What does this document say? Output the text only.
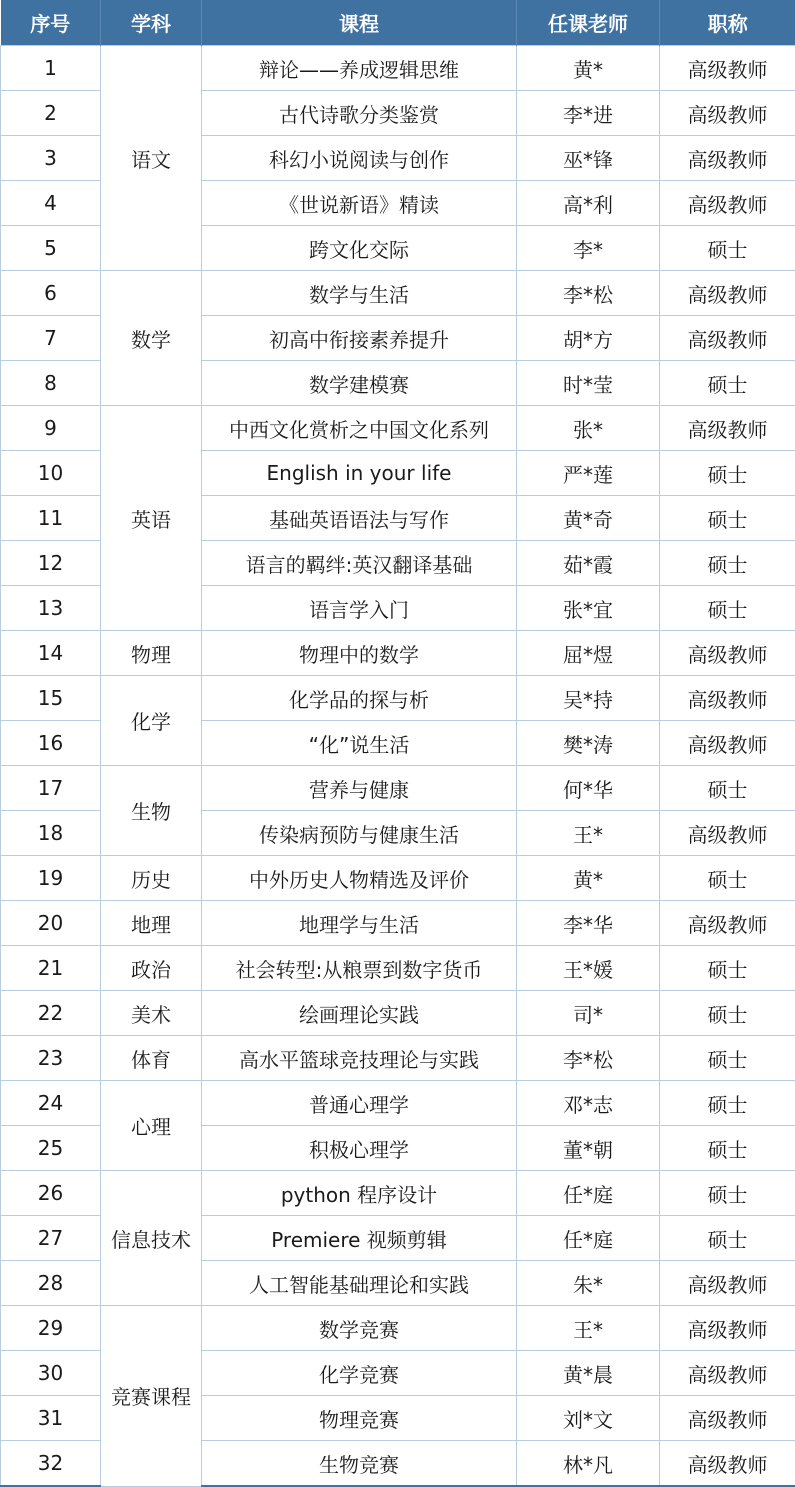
序号	学科	课程	任课老师	职称
1	语文	辩论——养成逻辑思维	黄*	高级教师
2		古代诗歌分类鉴赏	李*进	高级教师
3		科幻小说阅读与创作	巫*锋	高级教师
4		《世说新语》精读	高*利	高级教师
5		跨文化交际	李*	硕士
6	数学	数学与生活	李*松	高级教师
7		初高中衔接素养提升	胡*方	高级教师
8		数学建模赛	时*莹	硕士
9	英语	中西文化赏析之中国文化系列	张*	高级教师
10		English in your life	严*莲	硕士
11		基础英语语法与写作	黄*奇	硕士
12		语言的羁绊:英汉翻译基础	茹*霞	硕士
13		语言学入门	张*宜	硕士
14	物理	物理中的数学	屈*煜	高级教师
15	化学	化学品的探与析	吴*持	高级教师
16		“化”说生活	樊*涛	高级教师
17	生物	营养与健康	何*华	硕士
18		传染病预防与健康生活	王*	高级教师
19	历史	中外历史人物精选及评价	黄*	硕士
20	地理	地理学与生活	李*华	高级教师
21	政治	社会转型:从粮票到数字货币	王*媛	硕士
22	美术	绘画理论实践	司*	硕士
23	体育	高水平篮球竞技理论与实践	李*松	硕士
24	心理	普通心理学	邓*志	硕士
25		积极心理学	董*朝	硕士
26	信息技术	python 程序设计	任*庭	硕士
27		Premiere 视频剪辑	任*庭	硕士
28		人工智能基础理论和实践	朱*	高级教师
29	竞赛课程	数学竞赛	王*	高级教师
30		化学竞赛	黄*晨	高级教师
31		物理竞赛	刘*文	高级教师
32		生物竞赛	林*凡	高级教师
